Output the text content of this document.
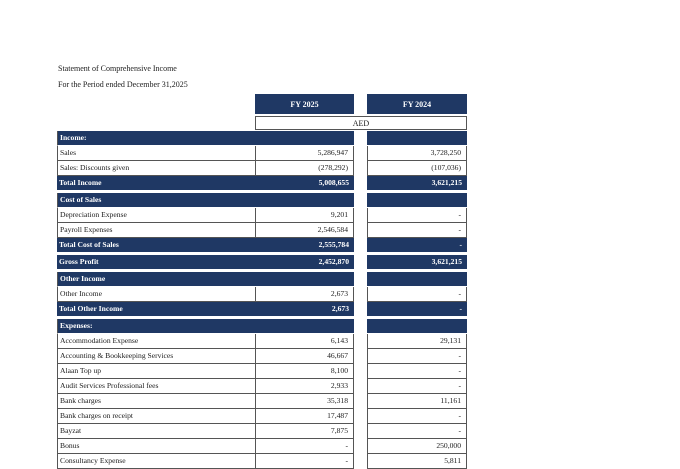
Statement of Comprehensive Income
For the Period ended December 31,2025
FY 2025	FY 2024
AED
Income:
Sales	5,286,947	3,728,250
Sales: Discounts given	(278,292)	(107,036)
Total Income	5,008,655	3,621,215
Cost of Sales
Depreciation Expense	9,201	-
Payroll Expenses	2,546,584	-
Total Cost of Sales	2,555,784	-
Gross Profit	2,452,870	3,621,215
Other Income
Other Income	2,673	-
Total Other Income	2,673	-
Expenses:
Accommodation Expense	6,143	29,131
Accounting & Bookkeeping Services	46,667	-
Alaan Top up	8,100	-
Audit Services Professional fees	2,933	-
Bank charges	35,318	11,161
Bank charges on receipt	17,487	-
Bayzat	7,875	-
Bonus	-	250,000
Consultancy Expense	-	5,811
